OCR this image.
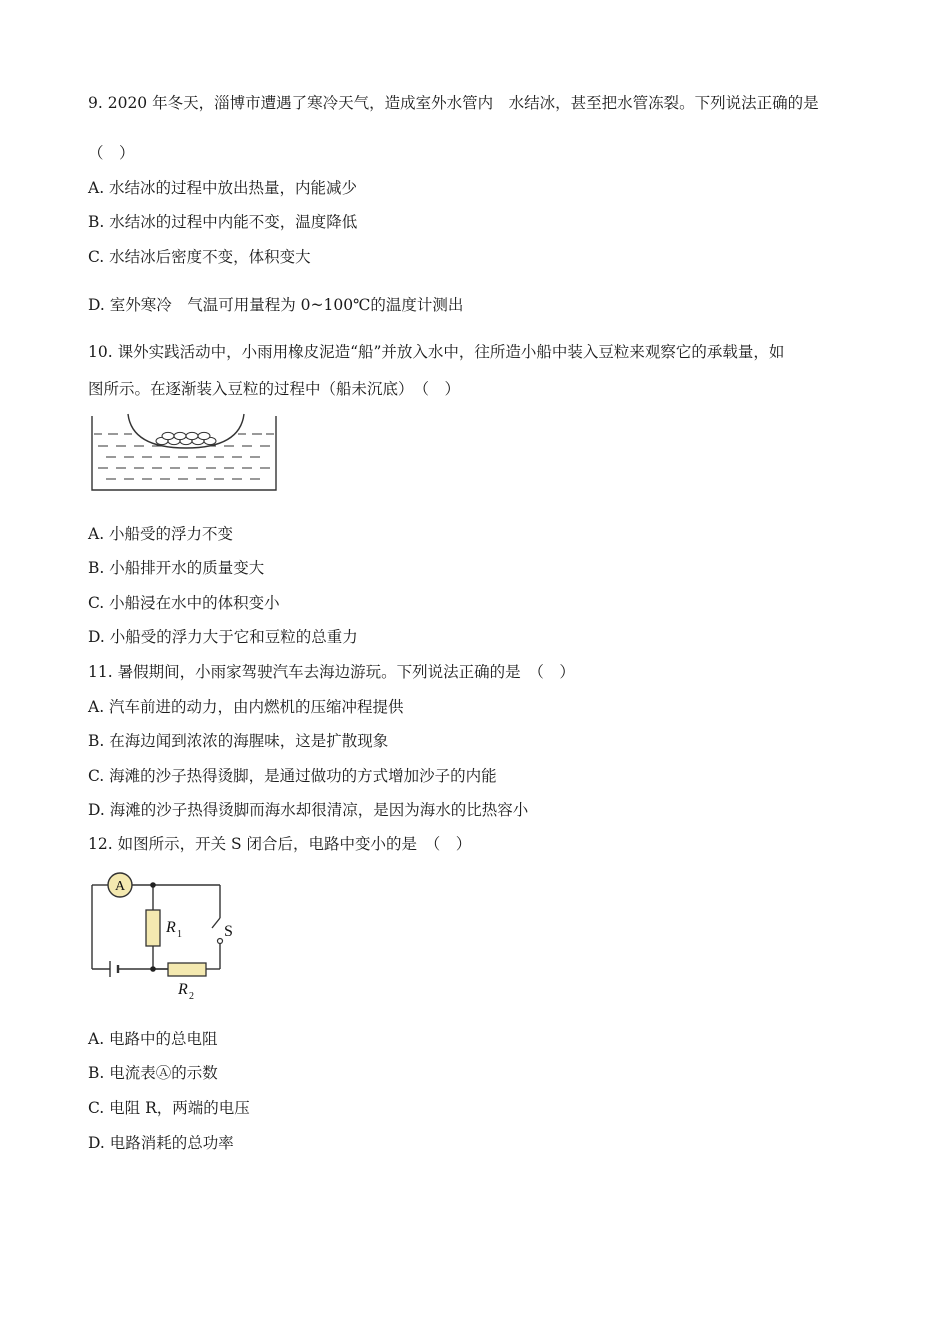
9. 2020 年冬天，淄博市遭遇了寒冷天气，造成室外水管内　水结冰，甚至把水管冻裂。下列说法正确的是
（　）
A. 水结冰的过程中放出热量，内能减少
B. 水结冰的过程中内能不变，温度降低
C. 水结冰后密度不变，体积变大
D. 室外寒冷　气温可用量程为 0~100℃的温度计测出
10. 课外实践活动中，小雨用橡皮泥造“船”并放入水中，往所造小船中装入豆粒来观察它的承载量，如
图所示。在逐渐装入豆粒的过程中（船未沉底）　（　）
A. 小船受的浮力不变
B. 小船排开水的质量变大
C. 小船浸在水中的体积变小
D. 小船受的浮力大于它和豆粒的总重力
11. 暑假期间，小雨家驾驶汽车去海边游玩。下列说法正确的是　（　）
A. 汽车前进的动力，由内燃机的压缩冲程提供
B. 在海边闻到浓浓的海腥味，这是扩散现象
C. 海滩的沙子热得烫脚，是通过做功的方式增加沙子的内能
D. 海滩的沙子热得烫脚而海水却很清凉，是因为海水的比热容小
12. 如图所示，开关 S 闭合后，电路中变小的是　（　）
A
R 1	S
R 2
A. 电路中的总电阻
B. 电流表Ⓐ的示数
C. 电阻 R，两端的电压
D. 电路消耗的总功率
